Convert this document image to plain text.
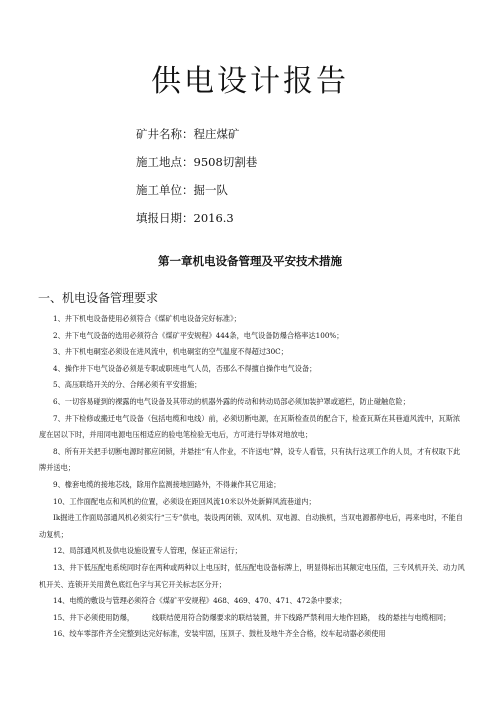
供电设计报告
矿井名称：程庄煤矿
施工地点：9508切割巷
施工单位：掘一队
填报日期：2016.3
第一章机电设备管理及平安技术措施
一、机电设备管理要求

1、井下机电设备使用必须符合《煤矿机电设备完好标准》；

2、井下电气设备的选用必须符合《煤矿平安规程》444条，电气设备防爆合格率达100%；

3、井下机电硐室必须设在进风流中，机电硐室的空气温度不得超过30C；

4、操作井下电气设备必须是专职或职班电气人员，否那么不得擅自操作电气设备；

5、高压联络开关的分、合闸必须有平安措施；

6、一切容易碰到的裸露的电气设备及其带动的机器外露的传动和转动局部必须加装护罩或遮栏，防止碰触危险；

7、井下检修或搬迁电气设备（包括电缆和电线）前，必须切断电源，在瓦斯检查员的配合下，检查瓦斯在其巷道风流中，瓦斯浓度在居以下时，并用同电源电压相适应的验电笔检验无电后，方可进行导体对地放电；

8、所有开关把手切断电源时都应闭锁，并悬挂“有人作业，不许送电”牌，设专人看管，只有执行这项工作的人员，才有权取下此牌并送电；

9、橡套电缆的接地芯线，除用作监测接地回路外，不得兼作其它用途；

10、工作面配电点和风机的位置，必须设在距回风流10米以外处新鲜风流巷道内；

Ik掘进工作面局部通风机必须实行“三专”供电，装设两闭锁、双风机、双电源、自动换机，当双电源都停电后，再来电时，不能自动复机；

12、局部通风机及供电设施设置专人管理，保证正常运行；

13、井下低压配电系统同时存在两种或两种以上电压时，低压配电设备标牌上，明显得标出其额定电压值，三专风机开关、动力风机开关、连锁开关用黄色底红色字与其它开关标志区分开；

14、电缆的敷设与管理必须符合《煤矿平安规程》468、469、470、471、472条中要求；

15、井下必须使用防爆，　　　线联结使用符合防爆要求的联结装置，井下线路严禁利用大地作回路，　线的悬挂与电缆相同；

16、绞车零部件齐全完整到达完好标准，安装牢固，压顶子、鼓杜及地牛齐全合格，绞车起动器必须使用
